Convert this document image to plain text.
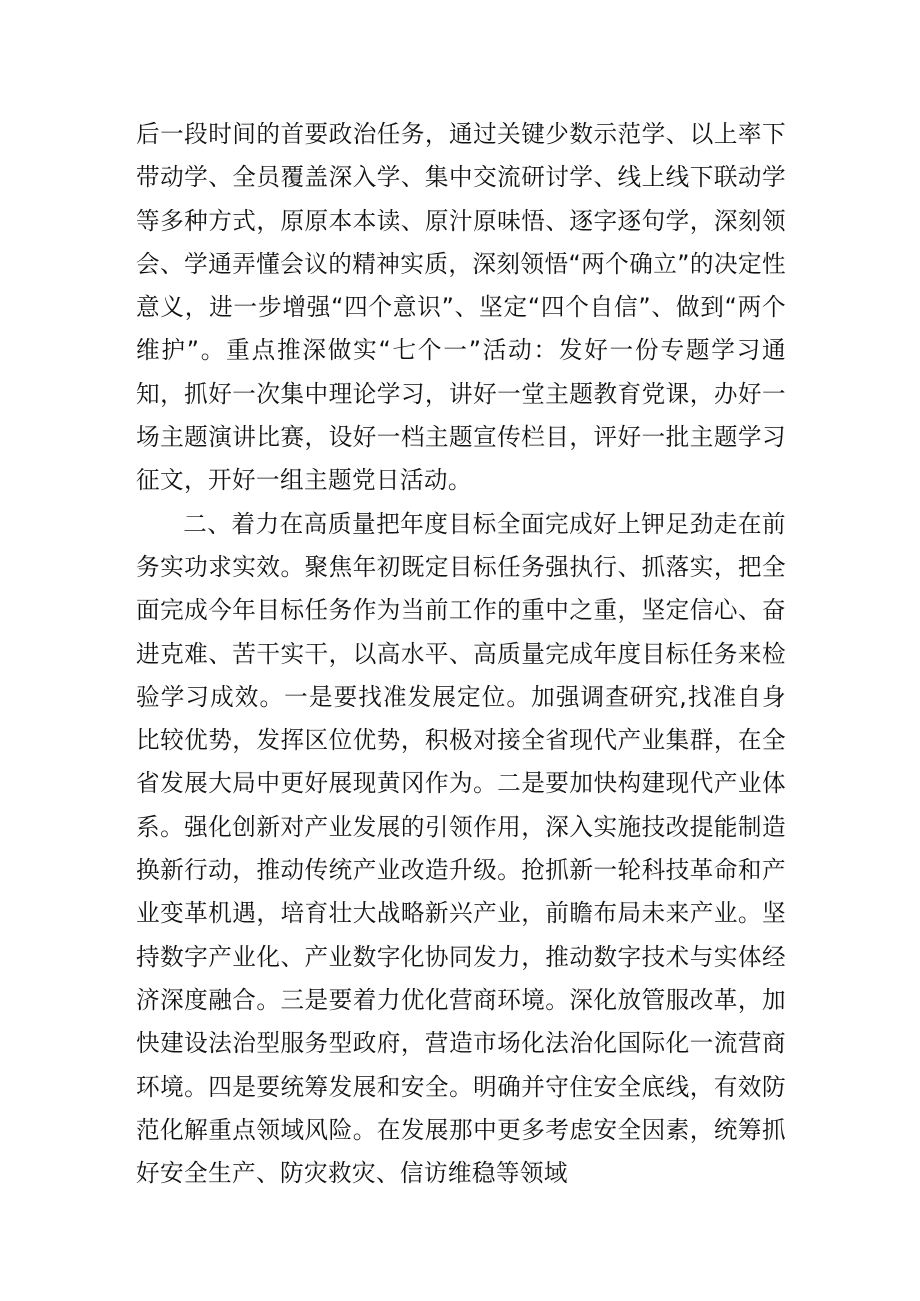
后一段时间的首要政治任务，通过关键少数示范学、以上率下带动学、全员覆盖深入学、集中交流研讨学、线上线下联动学等多种方式，原原本本读、原汁原味悟、逐字逐句学，深刻领会、学通弄懂会议的精神实质，深刻领悟“两个确立”的决定性意义，进一步增强“四个意识”、坚定“四个自信”、做到“两个维护”。重点推深做实“七个一”活动：发好一份专题学习通知，抓好一次集中理论学习，讲好一堂主题教育党课，办好一场主题演讲比赛，设好一档主题宣传栏目，评好一批主题学习征文，开好一组主题党日活动。

二、着力在高质量把年度目标全面完成好上钾足劲走在前务实功求实效。聚焦年初既定目标任务强执行、抓落实，把全面完成今年目标任务作为当前工作的重中之重，坚定信心、奋进克难、苦干实干，以高水平、高质量完成年度目标任务来检验学习成效。一是要找准发展定位。加强调查研究,找准自身比较优势，发挥区位优势，积极对接全省现代产业集群，在全省发展大局中更好展现黄冈作为。二是要加快构建现代产业体系。强化创新对产业发展的引领作用，深入实施技改提能制造换新行动，推动传统产业改造升级。抢抓新一轮科技革命和产业变革机遇，培育壮大战略新兴产业，前瞻布局未来产业。坚持数字产业化、产业数字化协同发力，推动数字技术与实体经济深度融合。三是要着力优化营商环境。深化放管服改革，加快建设法治型服务型政府，营造市场化法治化国际化一流营商环境。四是要统筹发展和安全。明确并守住安全底线，有效防范化解重点领域风险。在发展那中更多考虑安全因素，统筹抓好安全生产、防灾救灾、信访维稳等领域
